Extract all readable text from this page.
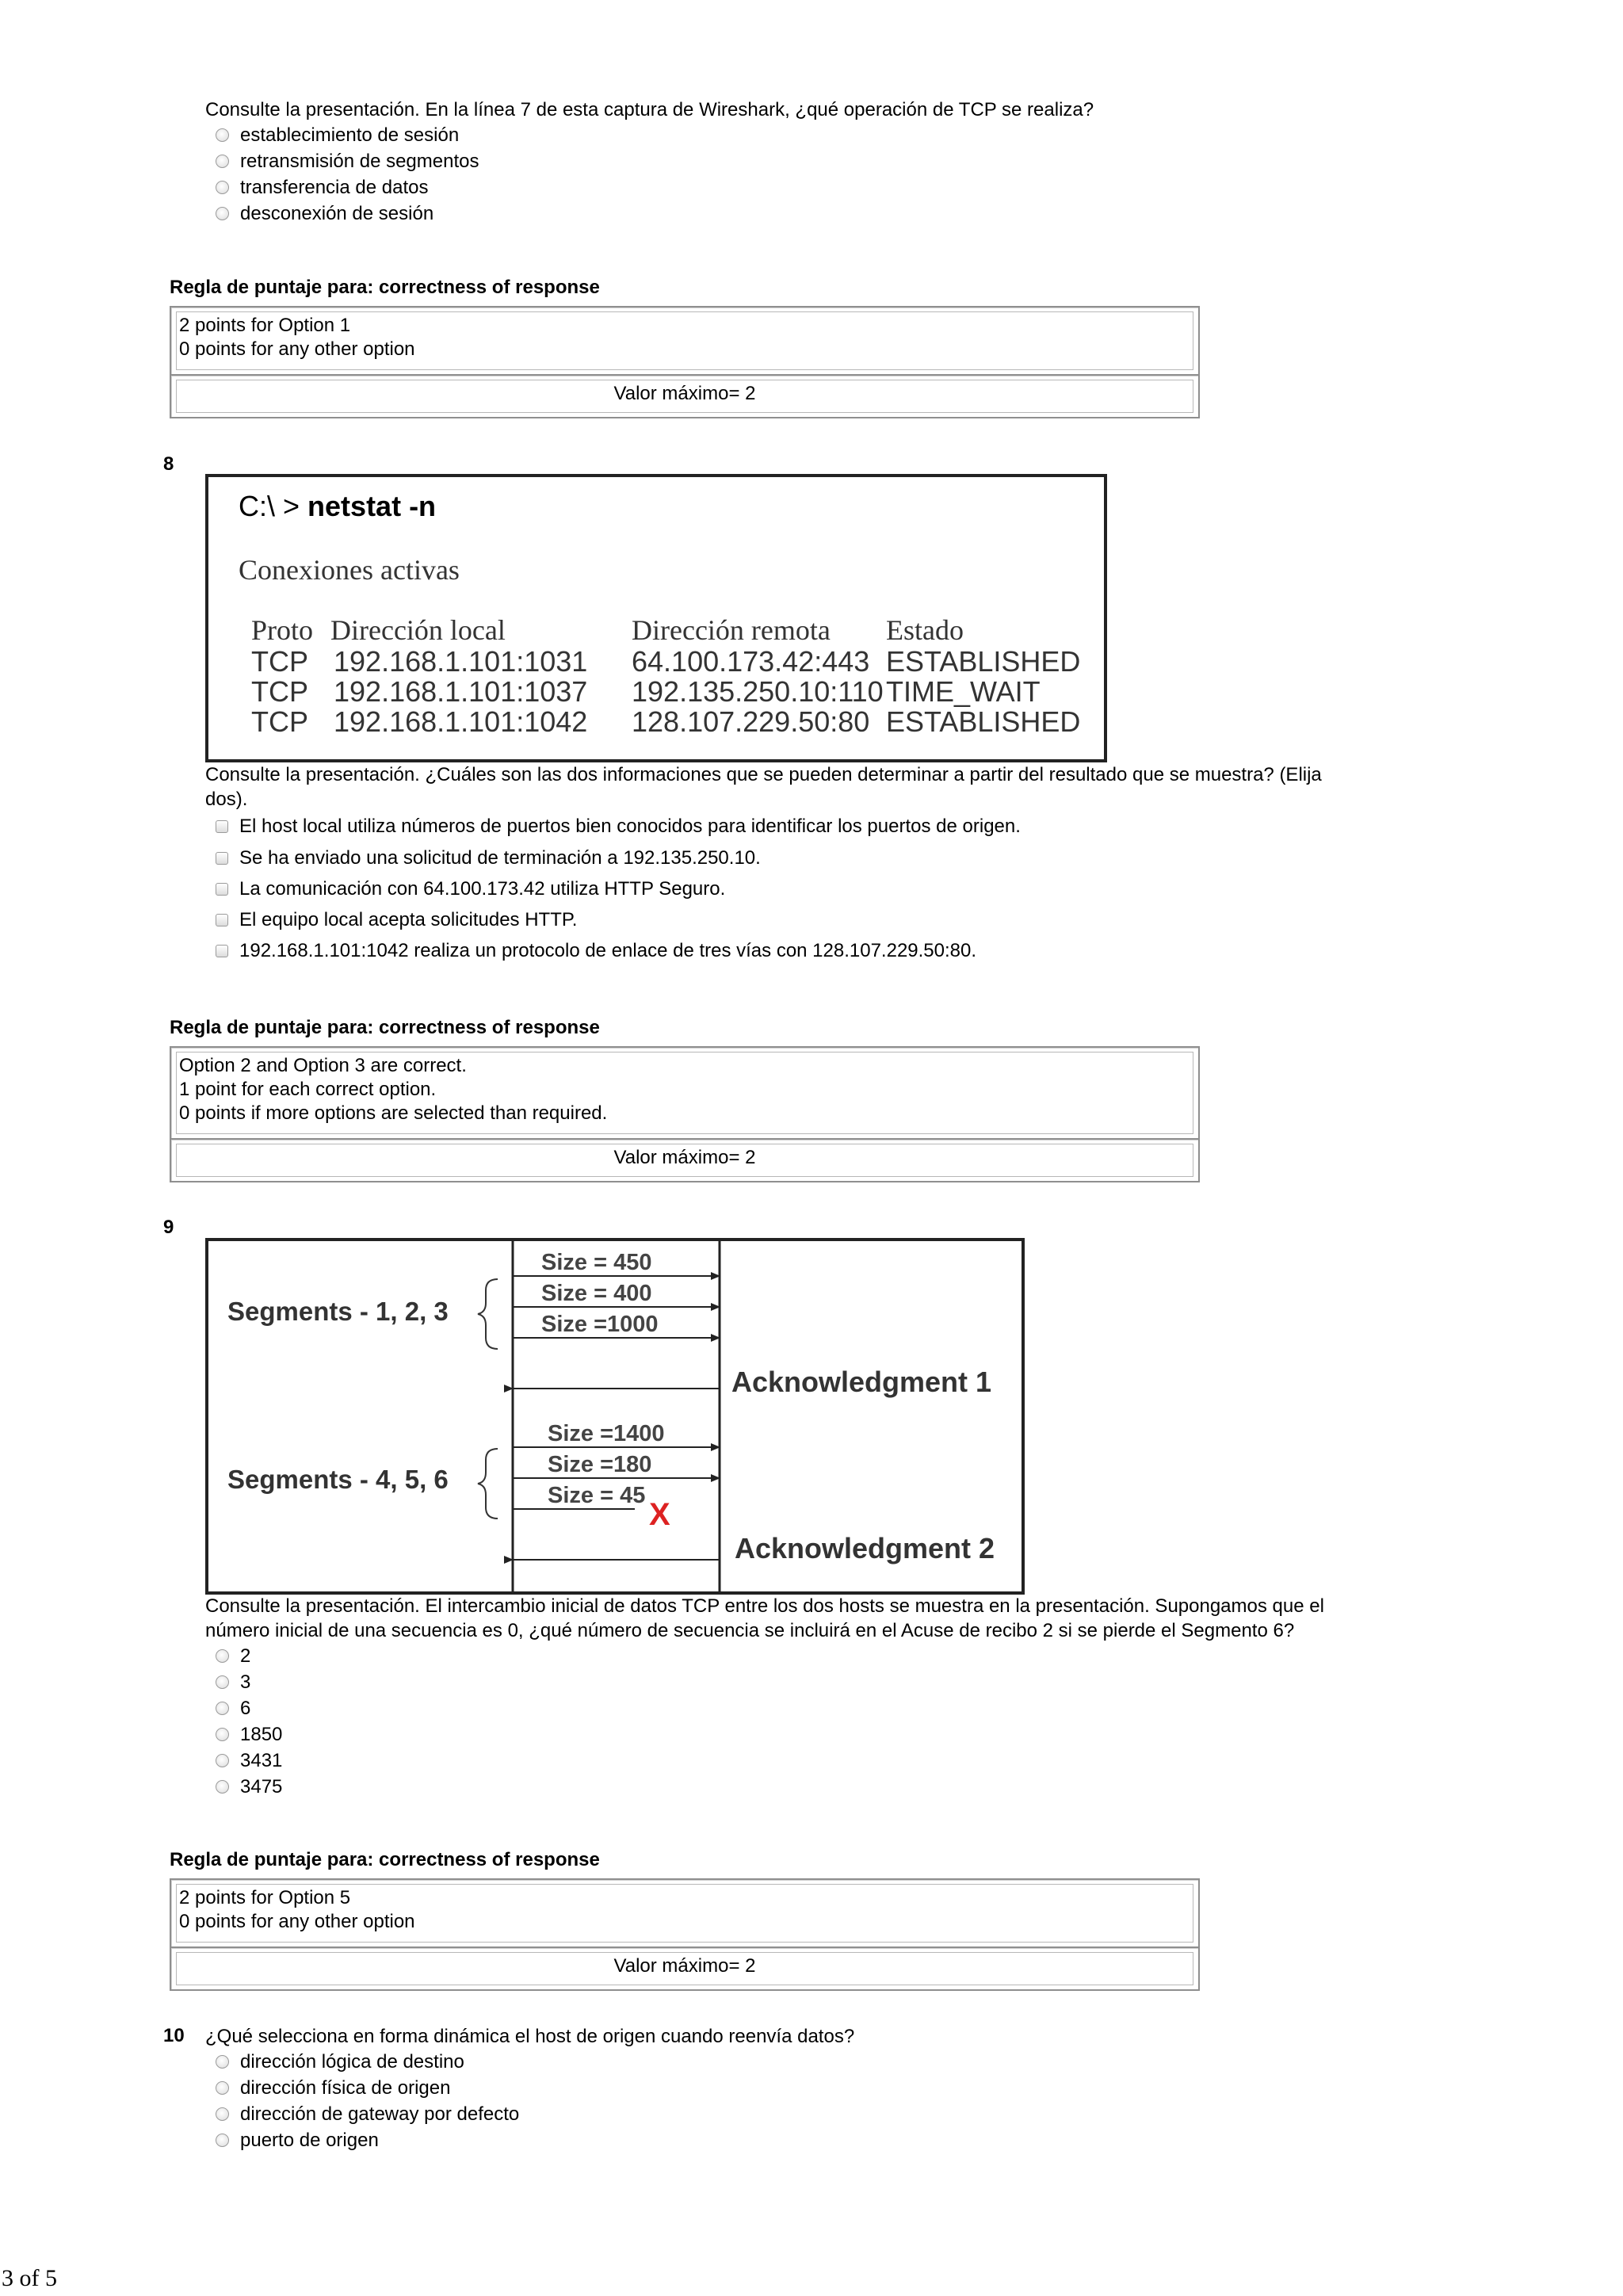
Consulte la presentación. En la línea 7 de esta captura de Wireshark, ¿qué operación de TCP se realiza?
establecimiento de sesión
retransmisión de segmentos
transferencia de datos
desconexión de sesión
Regla de puntaje para: correctness of response
2 points for Option 1
0 points for any other option
Valor máximo= 2
8
C:\ > netstat -n
Conexiones activas
Proto Dirección local	Dirección remota Estado
TCP 192.168.1.101:1031 64.100.173.42:443 ESTABLISHED
TCP 192.168.1.101:1037 192.135.250.10:110 TIME_WAIT
TCP 192.168.1.101:1042 128.107.229.50:80 ESTABLISHED
Consulte la presentación. ¿Cuáles son las dos informaciones que se pueden determinar a partir del resultado que se muestra? (Elija
dos).
El host local utiliza números de puertos bien conocidos para identificar los puertos de origen.
Se ha enviado una solicitud de terminación a 192.135.250.10.
La comunicación con 64.100.173.42 utiliza HTTP Seguro.
El equipo local acepta solicitudes HTTP.
192.168.1.101:1042 realiza un protocolo de enlace de tres vías con 128.107.229.50:80.
Regla de puntaje para: correctness of response
Option 2 and Option 3 are correct.
1 point for each correct option.
0 points if more options are selected than required.
Valor máximo= 2
9
Segments - 1, 2, 3
Size = 450
Size = 400
Size =1000
Acknowledgment 1
Segments - 4, 5, 6
Size =1400
Size =180
Size = 45
X
Acknowledgment 2
Consulte la presentación. El intercambio inicial de datos TCP entre los dos hosts se muestra en la presentación. Supongamos que el
número inicial de una secuencia es 0, ¿qué número de secuencia se incluirá en el Acuse de recibo 2 si se pierde el Segmento 6?
2
3
6
1850
3431
3475
Regla de puntaje para: correctness of response
2 points for Option 5
0 points for any other option
Valor máximo= 2
10 ¿Qué selecciona en forma dinámica el host de origen cuando reenvía datos?
dirección lógica de destino
dirección física de origen
dirección de gateway por defecto
puerto de origen
3 of 5
